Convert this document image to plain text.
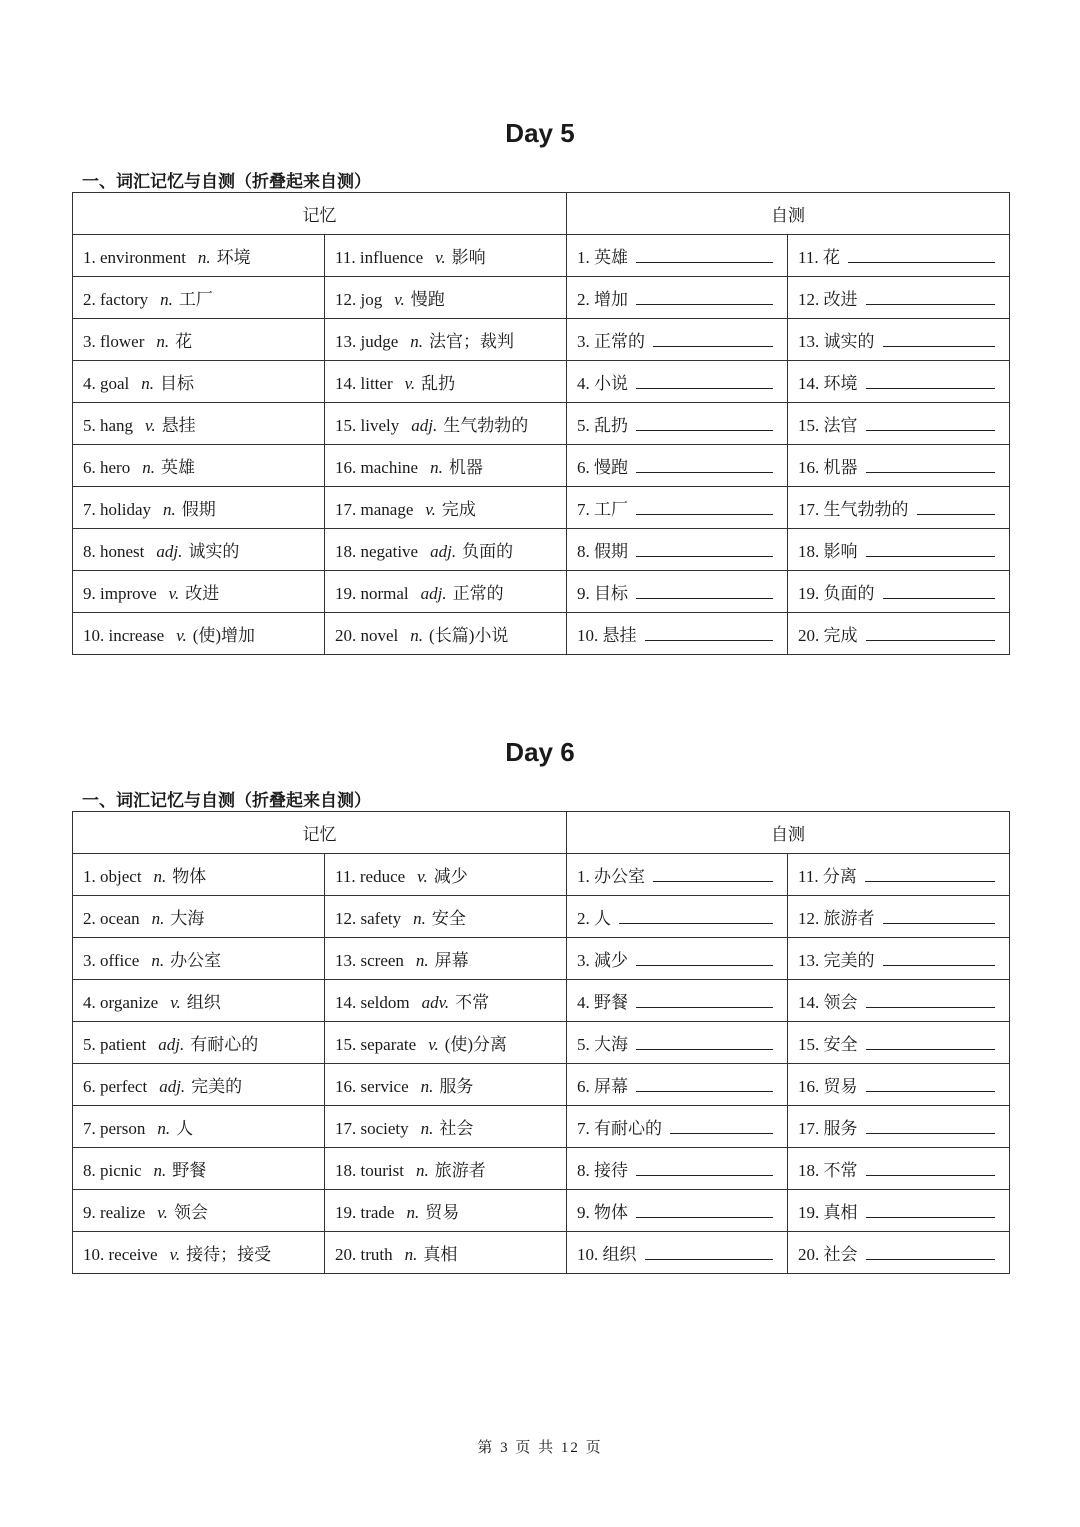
Day 5
一、词汇记忆与自测（折叠起来自测）
记忆		自测	
1. environment n. 环境	11. influence v. 影响	1. 英雄	11. 花
2. factory n. 工厂	12. jog v. 慢跑	2. 增加	12. 改进
3. flower n. 花	13. judge n. 法官；裁判	3. 正常的	13. 诚实的
4. goal n. 目标	14. litter v. 乱扔	4. 小说	14. 环境
5. hang v. 悬挂	15. lively adj. 生气勃勃的	5. 乱扔	15. 法官
6. hero n. 英雄	16. machine n. 机器	6. 慢跑	16. 机器
7. holiday n. 假期	17. manage v. 完成	7. 工厂	17. 生气勃勃的
8. honest adj. 诚实的	18. negative adj. 负面的	8. 假期	18. 影响
9. improve v. 改进	19. normal adj. 正常的	9. 目标	19. 负面的
10. increase v. (使)增加	20. novel n. (长篇)小说	10. 悬挂	20. 完成
Day 6
一、词汇记忆与自测（折叠起来自测）
记忆		自测	
1. object n. 物体	11. reduce v. 减少	1. 办公室	11. 分离
2. ocean n. 大海	12. safety n. 安全	2. 人	12. 旅游者
3. office n. 办公室	13. screen n. 屏幕	3. 减少	13. 完美的
4. organize v. 组织	14. seldom adv. 不常	4. 野餐	14. 领会
5. patient adj. 有耐心的	15. separate v. (使)分离	5. 大海	15. 安全
6. perfect adj. 完美的	16. service n. 服务	6. 屏幕	16. 贸易
7. person n. 人	17. society n. 社会	7. 有耐心的	17. 服务
8. picnic n. 野餐	18. tourist n. 旅游者	8. 接待	18. 不常
9. realize v. 领会	19. trade n. 贸易	9. 物体	19. 真相
10. receive v. 接待；接受	20. truth n. 真相	10. 组织	20. 社会
第 3 页 共 12 页
